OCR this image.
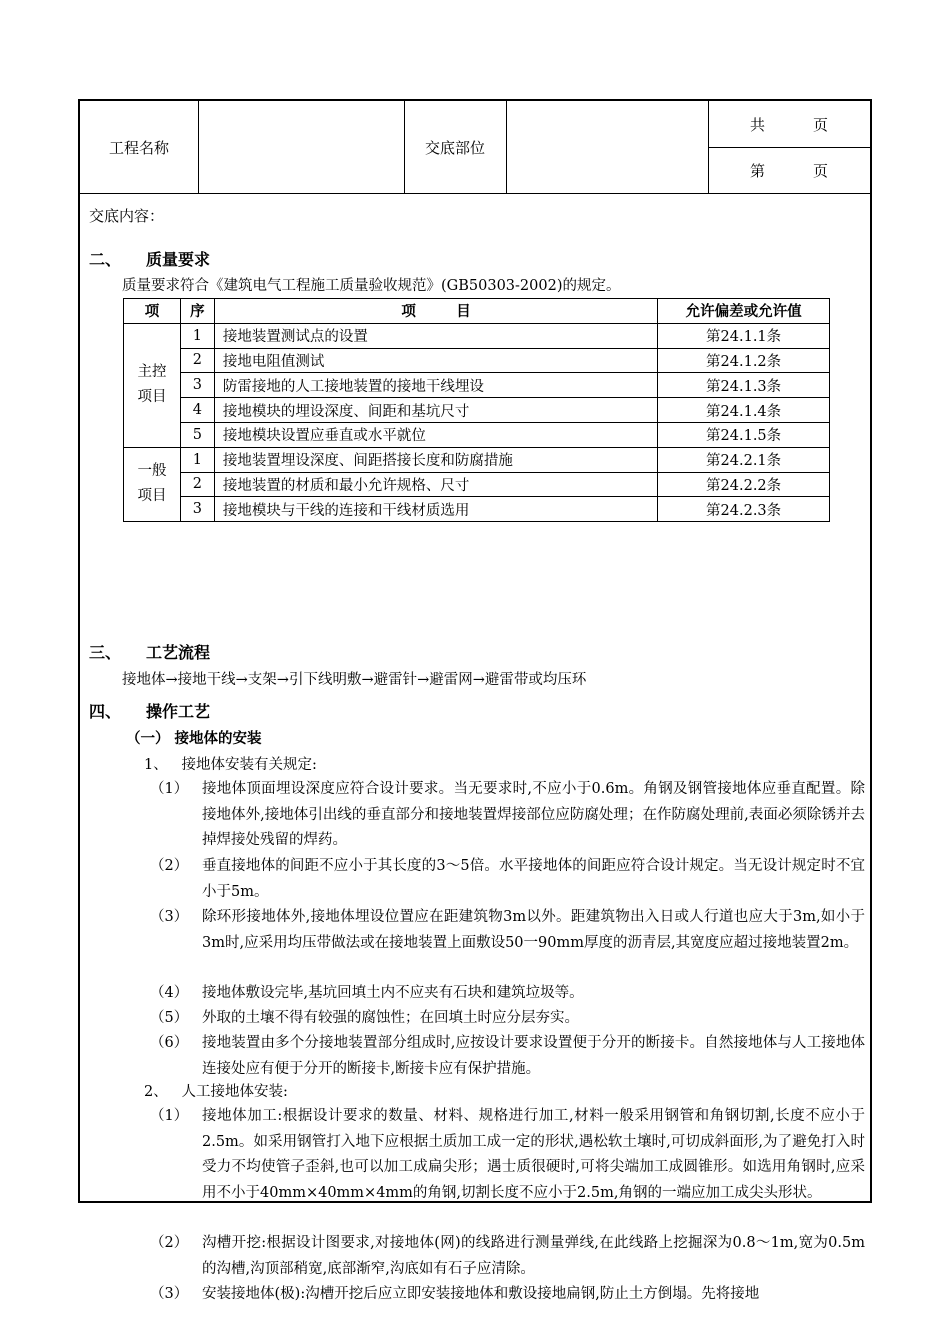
工程名称	交底部位
共	页
第	页
交底内容：
二、 质量要求
质量要求符合《建筑电气工程施工质量验收规范》(GB50303-2002)的规定。
项	序	项        目	允许偏差或允许值

主控
项目	1	接地装置测试点的设置	第24.1.1条
	2	接地电阻值测试	第24.1.2条
	3	防雷接地的人工接地装置的接地干线埋设	第24.1.3条
	4	接地模块的埋设深度、间距和基坑尺寸	第24.1.4条
	5	接地模块设置应垂直或水平就位	第24.1.5条

一般
项目	1	接地装置埋设深度、间距搭接长度和防腐措施	第24.2.1条
	2	接地装置的材质和最小允许规格、尺寸	第24.2.2条
	3	接地模块与干线的连接和干线材质选用	第24.2.3条
三、 工艺流程
接地体→接地干线→支架→引下线明敷→避雷针→避雷网→避雷带或均压环
四、 操作工艺
（一） 接地体的安装
1、   接地体安装有关规定:
（1） 接地体顶面埋设深度应符合设计要求。当无要求时,不应小于0.6m。角钢及钢管接地体应垂直配置。除接地体外,接地体引出线的垂直部分和接地装置焊接部位应防腐处理；在作防腐处理前,表面必须除锈并去掉焊接处残留的焊药。
（2） 垂直接地体的间距不应小于其长度的3～5倍。水平接地体的间距应符合设计规定。当无设计规定时不宜小于5m。
（3） 除环形接地体外,接地体埋设位置应在距建筑物3m以外。距建筑物出入日或人行道也应大于3m,如小于3m时,应采用均压带做法或在接地装置上面敷设50一90mm厚度的沥青层,其宽度应超过接地装置2m。
（4） 接地体敷设完毕,基坑回填土内不应夹有石块和建筑垃圾等。
（5） 外取的土壤不得有较强的腐蚀性；在回填土时应分层夯实。
（6） 接地装置由多个分接地装置部分组成时,应按设计要求设置便于分开的断接卡。自然接地体与人工接地体连接处应有便于分开的断接卡,断接卡应有保护措施。
2、   人工接地体安装:
（1） 接地体加工:根据设计要求的数量、材料、规格进行加工,材料一般采用钢管和角钢切割,长度不应小于2.5m。如采用钢管打入地下应根据土质加工成一定的形状,遇松软土壤时,可切成斜面形,为了避免打入时受力不均使管子歪斜,也可以加工成扁尖形；遇士质很硬时,可将尖端加工成圆锥形。如选用角钢时,应采用不小于40mm×40mm×4mm的角钢,切割长度不应小于2.5m,角钢的一端应加工成尖头形状。
（2） 沟槽开挖:根据设计图要求,对接地体(网)的线路进行测量弹线,在此线路上挖掘深为0.8～1m,宽为0.5m的沟槽,沟顶部稍宽,底部渐窄,沟底如有石子应清除。
（3） 安装接地体(极):沟槽开挖后应立即安装接地体和敷设接地扁钢,防止土方倒塌。先将接地
